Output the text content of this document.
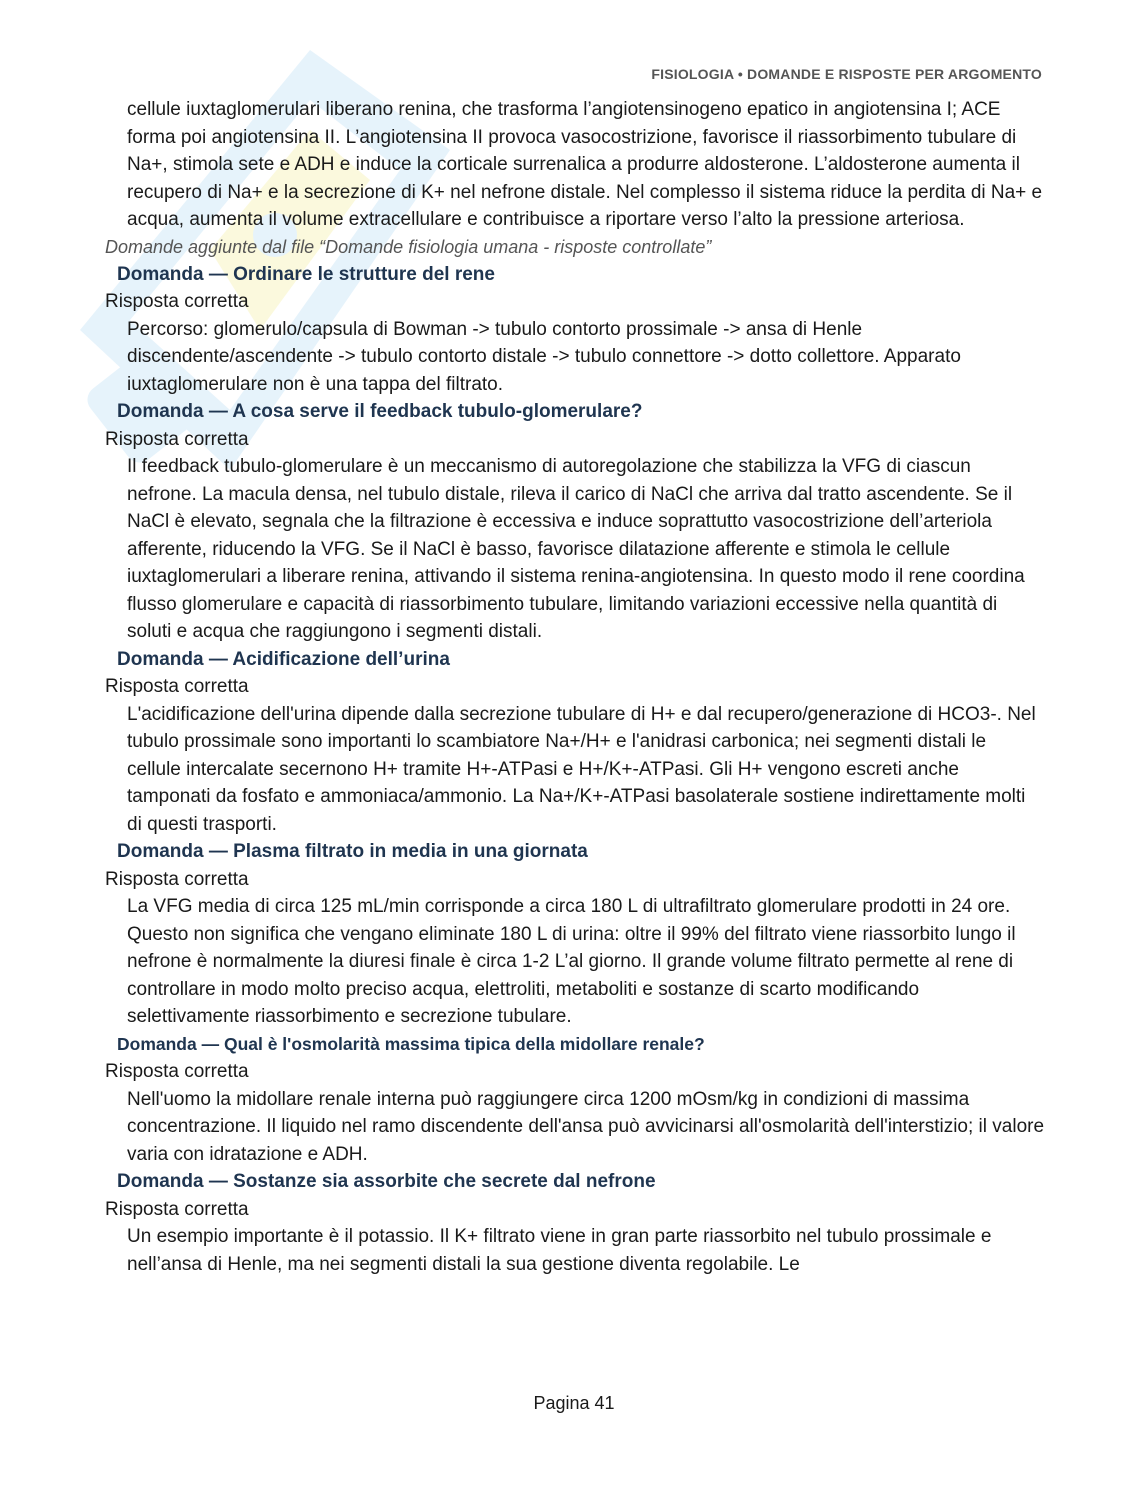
FISIOLOGIA • DOMANDE E RISPOSTE PER ARGOMENTO

cellule iuxtaglomerulari liberano renina, che trasforma l’angiotensinogeno epatico in angiotensina I; ACE forma poi angiotensina II. L’angiotensina II provoca vasocostrizione, favorisce il riassorbimento tubulare di Na+, stimola sete e ADH e induce la corticale surrenalica a produrre aldosterone. L’aldosterone aumenta il recupero di Na+ e la secrezione di K+ nel nefrone distale. Nel complesso il sistema riduce la perdita di Na+ e acqua, aumenta il volume extracellulare e contribuisce a riportare verso l’alto la pressione arteriosa.

Domande aggiunte dal file “Domande fisiologia umana - risposte controllate”

Domanda — Ordinare le strutture del rene

Risposta corretta

Percorso: glomerulo/capsula di Bowman -> tubulo contorto prossimale -> ansa di Henle discendente/ascendente -> tubulo contorto distale -> tubulo connettore -> dotto collettore. Apparato iuxtaglomerulare non è una tappa del filtrato.

Domanda — A cosa serve il feedback tubulo-glomerulare?

Risposta corretta

Il feedback tubulo-glomerulare è un meccanismo di autoregolazione che stabilizza la VFG di ciascun nefrone. La macula densa, nel tubulo distale, rileva il carico di NaCl che arriva dal tratto ascendente. Se il NaCl è elevato, segnala che la filtrazione è eccessiva e induce soprattutto vasocostrizione dell’arteriola afferente, riducendo la VFG. Se il NaCl è basso, favorisce dilatazione afferente e stimola le cellule iuxtaglomerulari a liberare renina, attivando il sistema renina-angiotensina. In questo modo il rene coordina flusso glomerulare e capacità di riassorbimento tubulare, limitando variazioni eccessive nella quantità di soluti e acqua che raggiungono i segmenti distali.

Domanda — Acidificazione dell’urina

Risposta corretta

L'acidificazione dell'urina dipende dalla secrezione tubulare di H+ e dal recupero/generazione di HCO3-. Nel tubulo prossimale sono importanti lo scambiatore Na+/H+ e l'anidrasi carbonica; nei segmenti distali le cellule intercalate secernono H+ tramite H+-ATPasi e H+/K+-ATPasi. Gli H+ vengono escreti anche tamponati da fosfato e ammoniaca/ammonio. La Na+/K+-ATPasi basolaterale sostiene indirettamente molti di questi trasporti.

Domanda — Plasma filtrato in media in una giornata

Risposta corretta

La VFG media di circa 125 mL/min corrisponde a circa 180 L di ultrafiltrato glomerulare prodotti in 24 ore. Questo non significa che vengano eliminate 180 L di urina: oltre il 99% del filtrato viene riassorbito lungo il nefrone è normalmente la diuresi finale è circa 1-2 L’al giorno. Il grande volume filtrato permette al rene di controllare in modo molto preciso acqua, elettroliti, metaboliti e sostanze di scarto modificando selettivamente riassorbimento e secrezione tubulare.

Domanda — Qual è l'osmolarità massima tipica della midollare renale?

Risposta corretta

Nell'uomo la midollare renale interna può raggiungere circa 1200 mOsm/kg in condizioni di massima concentrazione. Il liquido nel ramo discendente dell'ansa può avvicinarsi all'osmolarità dell'interstizio; il valore varia con idratazione e ADH.

Domanda — Sostanze sia assorbite che secrete dal nefrone

Risposta corretta

Un esempio importante è il potassio. Il K+ filtrato viene in gran parte riassorbito nel tubulo prossimale e nell’ansa di Henle, ma nei segmenti distali la sua gestione diventa regolabile. Le

Pagina 41
